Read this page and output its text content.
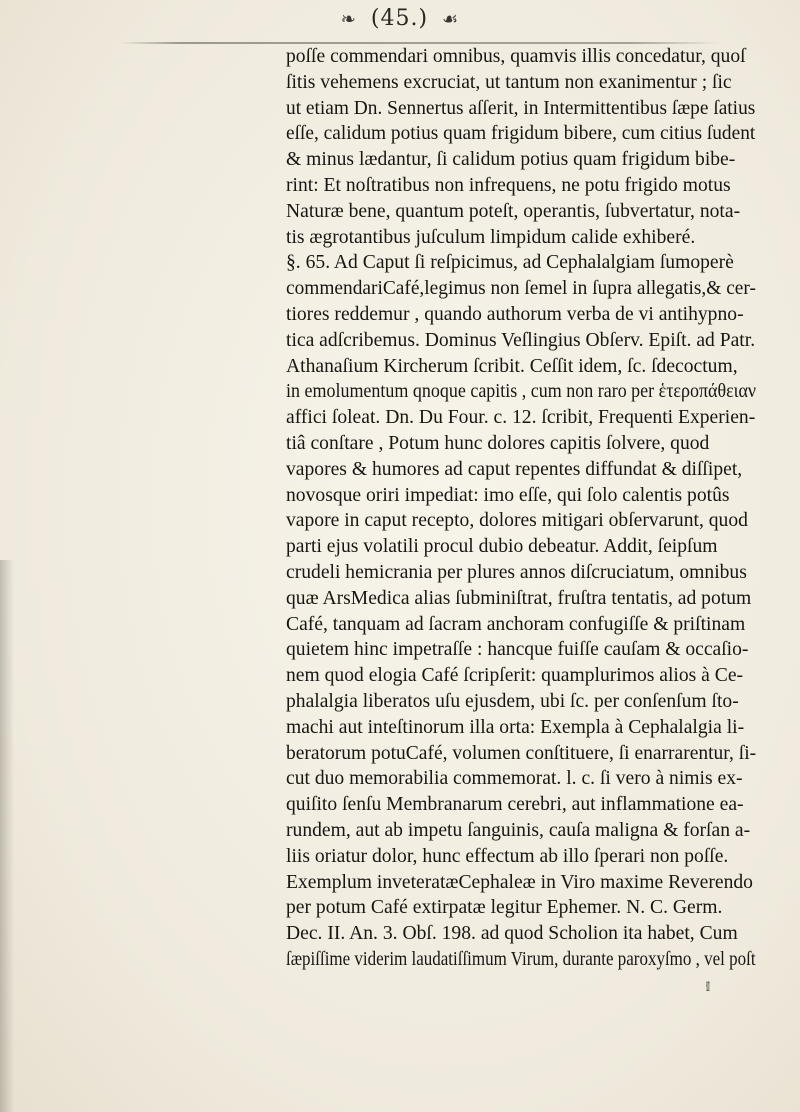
❧ (45.) ☙
poſſe commendari omnibus, quamvis illis concedatur, quoſ
ſitis vehemens excruciat, ut tantum non exanimentur ; ſic
ut etiam Dn. Sennertus aſſerit, in Intermittentibus ſæpe ſatius
eſſe, calidum potius quam frigidum bibere, cum citius ſudent
& minus lædantur, ſi calidum potius quam frigidum bibe-
rint: Et noſtratibus non infrequens, ne potu frigido motus
Naturæ bene, quantum poteſt, operantis, ſubvertatur, nota-
tis ægrotantibus juſculum limpidum calide exhiberé.
§. 65. Ad Caput ſi reſpicimus, ad Cephalalgiam ſumoperè
commendariCafé,legimus non ſemel in ſupra allegatis,& cer-
tiores reddemur , quando authorum verba de vi antihypno-
tica adſcribemus. Dominus Veſlingius Obſerv. Epiſt. ad Patr.
Athanaſium Kircherum ſcribit. Ceſſit idem, ſc. ſdecoctum,
in emolumentum qnoque capitis , cum non raro per ἑτεροπάθειαν
affici ſoleat. Dn. Du Four. c. 12. ſcribit, Frequenti Experien-
tiâ conſtare , Potum hunc dolores capitis ſolvere, quod
vapores & humores ad caput repentes diffundat & diſſipet,
novosque oriri impediat: imo eſſe, qui ſolo calentis potûs
vapore in caput recepto, dolores mitigari obſervarunt, quod
parti ejus volatili procul dubio debeatur. Addit, ſeipſum
crudeli hemicrania per plures annos diſcruciatum, omnibus
quæ ArsMedica alias ſubminiſtrat, fruſtra tentatis, ad potum
Café, tanquam ad ſacram anchoram confugiſſe & priſtinam
quietem hinc impetraſſe : hancque fuiſſe cauſam & occaſio-
nem quod elogia Café ſcripſerit: quamplurimos alios à Ce-
phalalgia liberatos uſu ejusdem, ubi ſc. per conſenſum ſto-
machi aut inteſtinorum illa orta: Exempla à Cephalalgia li-
beratorum potuCafé, volumen conſtituere, ſi enarrarentur, ſi-
cut duo memorabilia commemorat. l. c. ſi vero à nimis ex-
quiſito ſenſu Membranarum cerebri, aut inflammatione ea-
rundem, aut ab impetu ſanguinis, cauſa maligna & forſan a-
liis oriatur dolor, hunc effectum ab illo ſperari non poſſe.
Exemplum inveteratæCephaleæ in Viro maxime Reverendo
per potum Café extirpatæ legitur Ephemer. N. C. Germ.
Dec. II. An. 3. Obſ. 198. ad quod Scholion ita habet, Cum
ſæpiſſime viderim laudatiſſimum Virum, durante paroxyſmo , vel poſt
eum
